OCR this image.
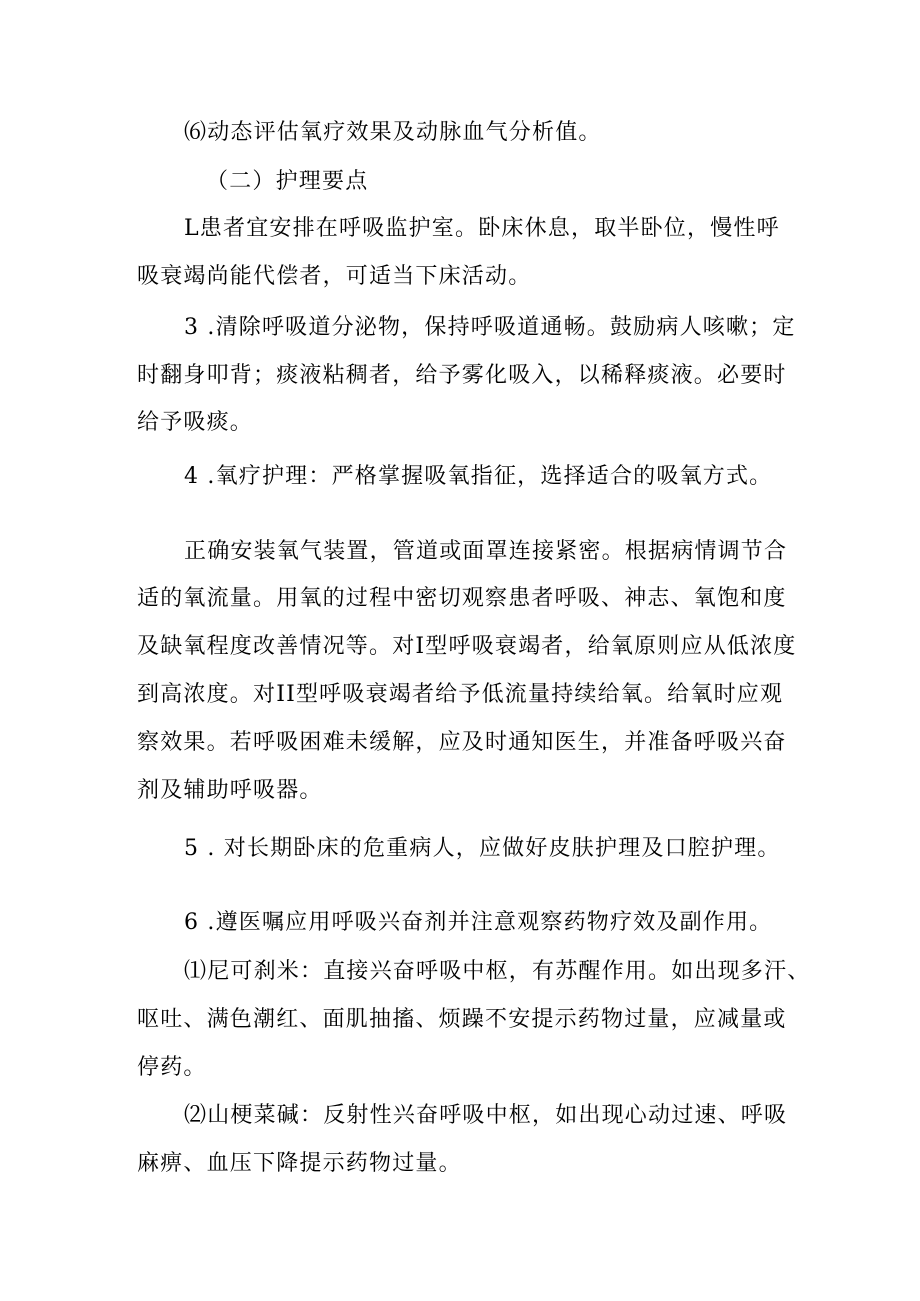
⑹动态评估氧疗效果及动脉血气分析值。
（二）护理要点
L患者宜安排在呼吸监护室。卧床休息，取半卧位，慢性呼
吸衰竭尚能代偿者，可适当下床活动。
3 .清除呼吸道分泌物，保持呼吸道通畅。鼓励病人咳嗽；定
时翻身叩背；痰液粘稠者，给予雾化吸入，以稀释痰液。必要时
给予吸痰。
4 .氧疗护理：严格掌握吸氧指征，选择适合的吸氧方式。
正确安装氧气装置，管道或面罩连接紧密。根据病情调节合
适的氧流量。用氧的过程中密切观察患者呼吸、神志、氧饱和度
及缺氧程度改善情况等。对I型呼吸衰竭者，给氧原则应从低浓度
到高浓度。对II型呼吸衰竭者给予低流量持续给氧。给氧时应观
察效果。若呼吸困难未缓解，应及时通知医生，并准备呼吸兴奋
剂及辅助呼吸器。
5 . 对长期卧床的危重病人，应做好皮肤护理及口腔护理。
6 .遵医嘱应用呼吸兴奋剂并注意观察药物疗效及副作用。
⑴尼可刹米：直接兴奋呼吸中枢，有苏醒作用。如出现多汗、
呕吐、满色潮红、面肌抽搐、烦躁不安提示药物过量，应减量或
停药。
⑵山梗菜碱：反射性兴奋呼吸中枢，如出现心动过速、呼吸
麻痹、血压下降提示药物过量。
